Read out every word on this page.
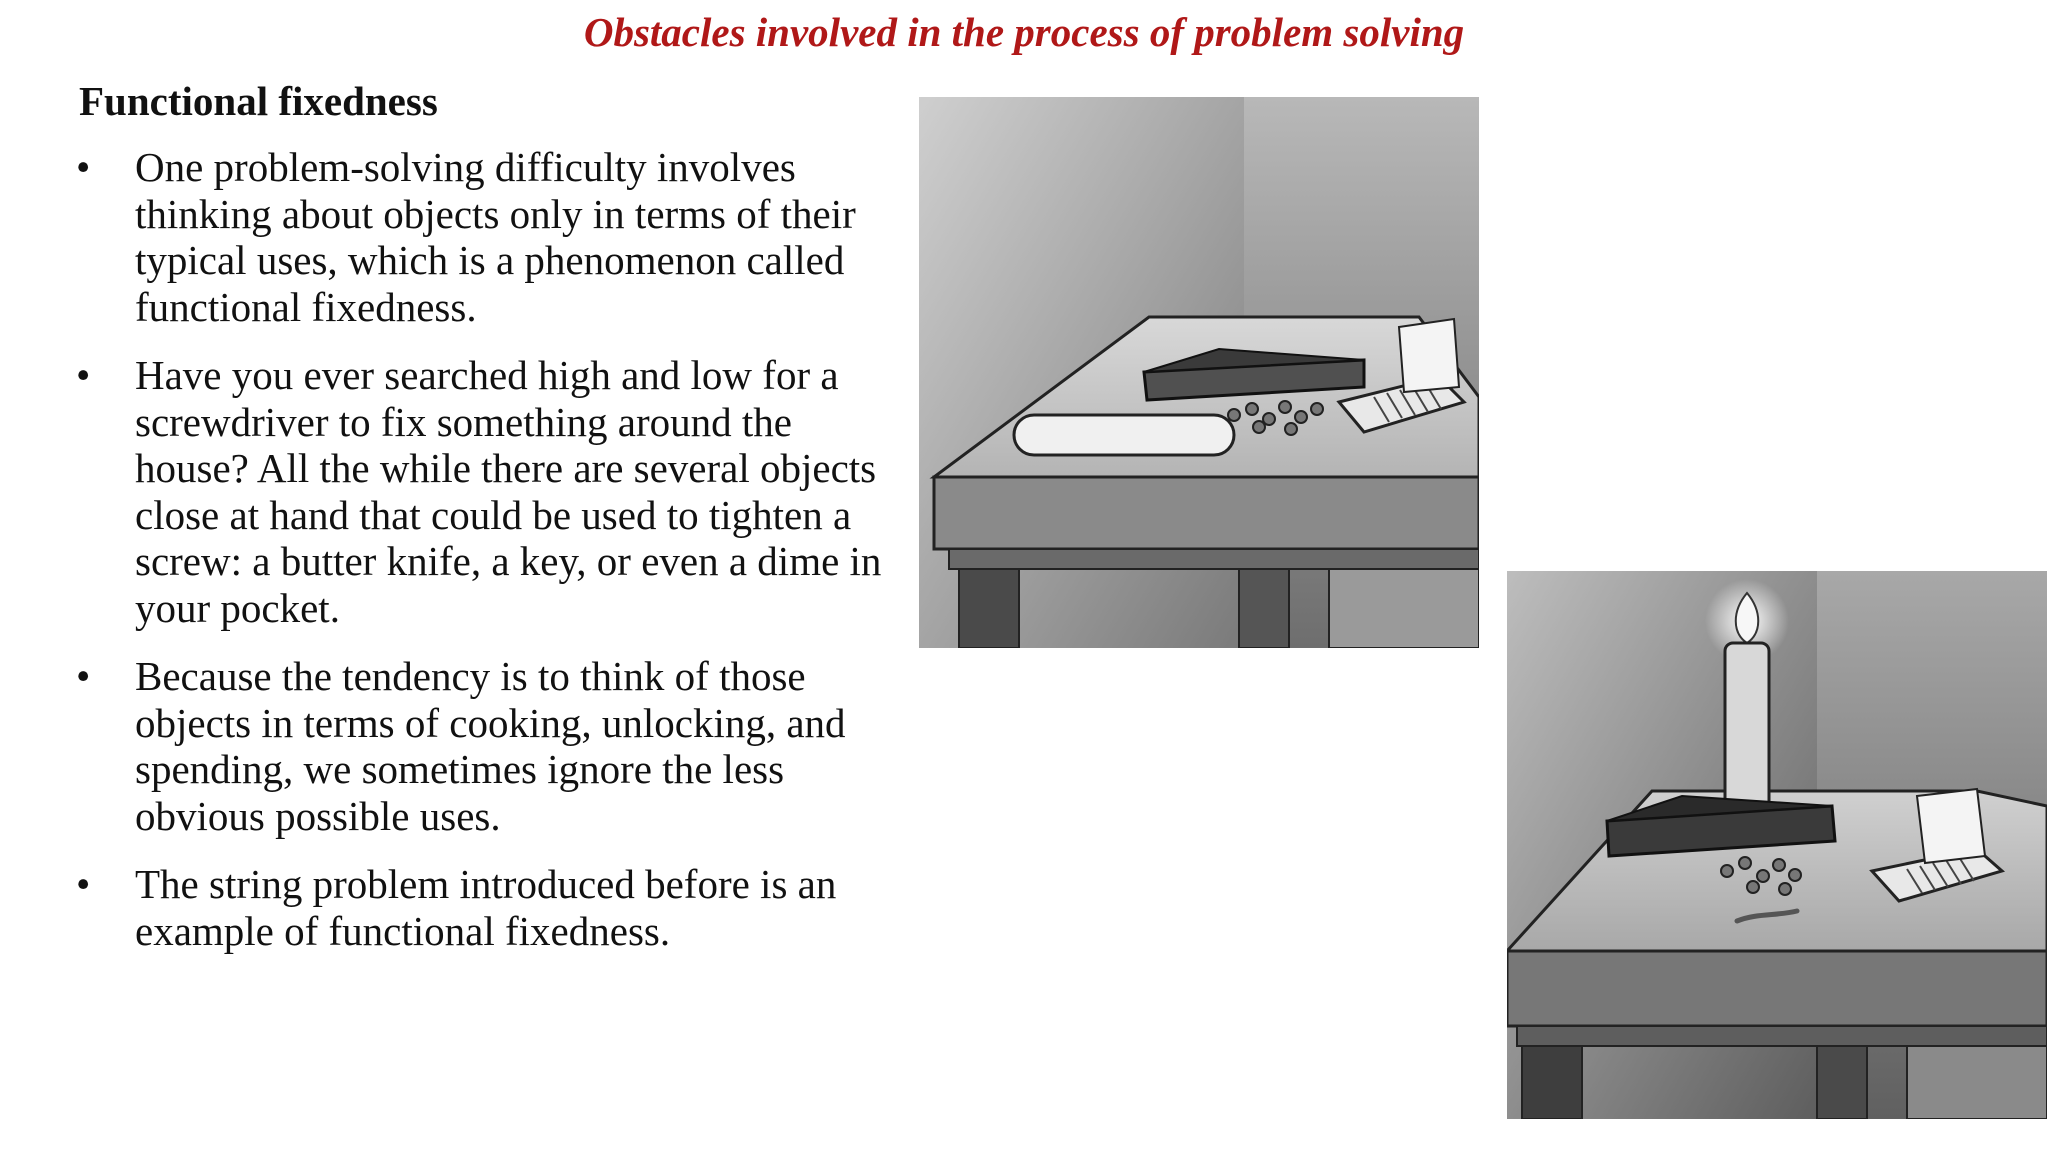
Obstacles involved in the process of problem solving
Functional fixedness
• One problem-solving difficulty involves thinking about objects only in terms of their typical uses, which is a phenomenon called functional fixedness.
• Have you ever searched high and low for a screwdriver to fix something around the house? All the while there are several objects close at hand that could be used to tighten a screw: a butter knife, a key, or even a dime in your pocket.
• Because the tendency is to think of those objects in terms of cooking, unlocking, and spending, we sometimes ignore the less obvious possible uses.
• The string problem introduced before is an example of functional fixedness.
